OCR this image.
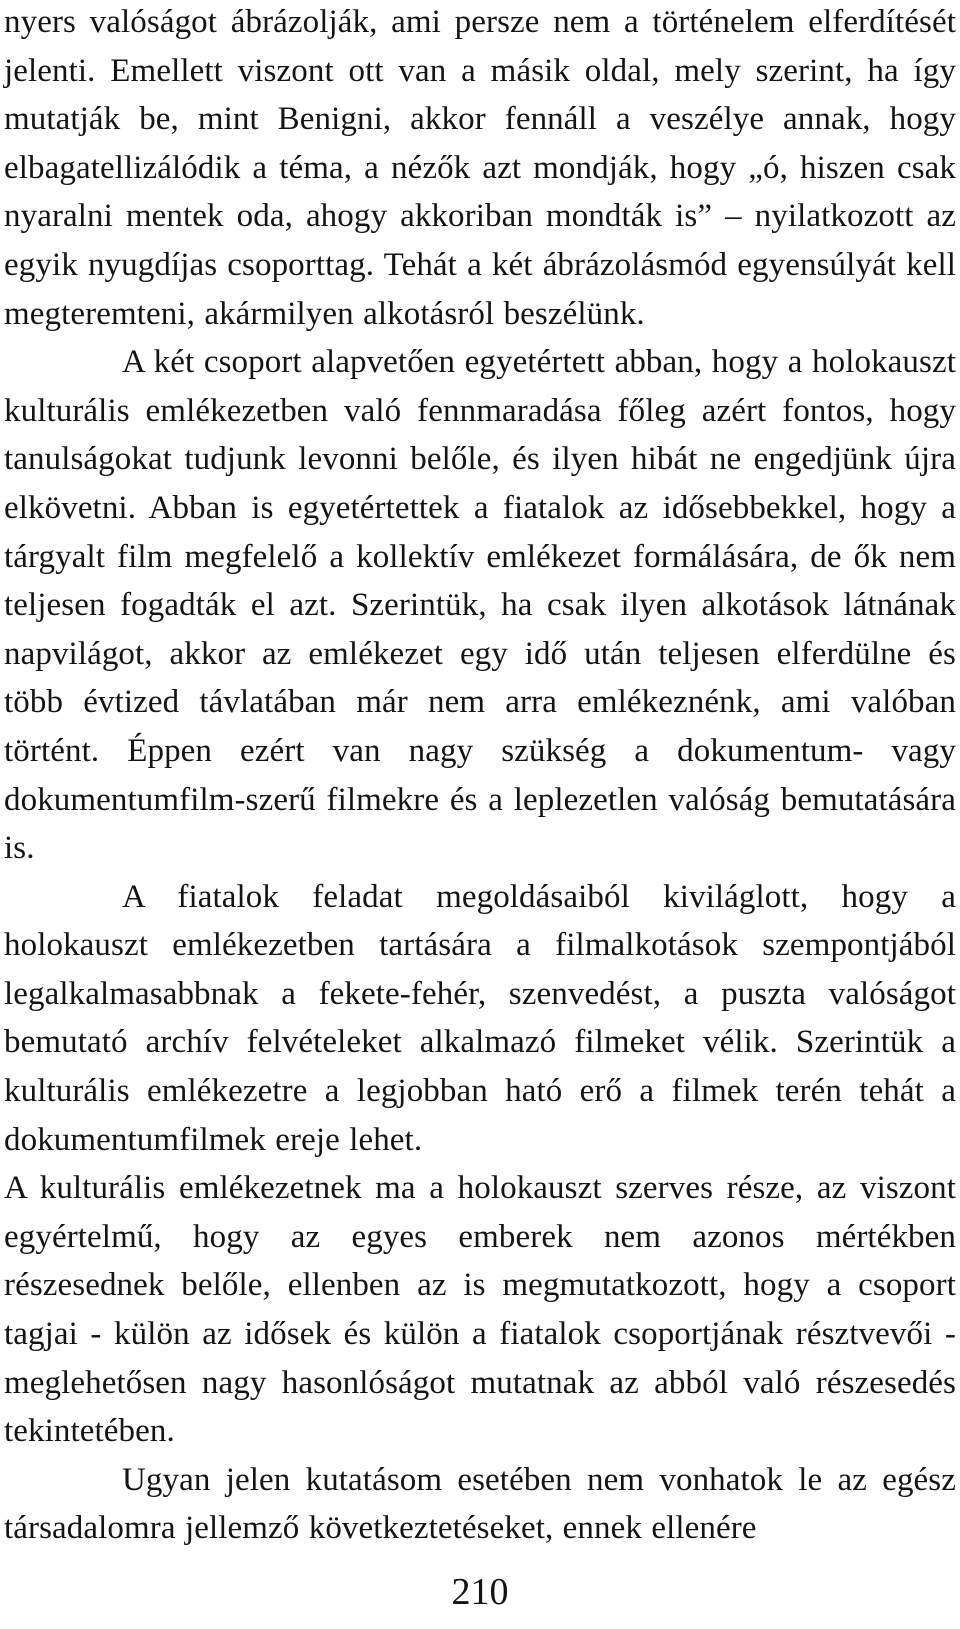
nyers valóságot ábrázolják, ami persze nem a történelem elferdítését jelenti. Emellett viszont ott van a másik oldal, mely szerint, ha így mutatják be, mint Benigni, akkor fennáll a veszélye annak, hogy elbagatellizálódik a téma, a nézők azt mondják, hogy „ó, hiszen csak nyaralni mentek oda, ahogy akkoriban mondták is” – nyilatkozott az egyik nyugdíjas csoporttag. Tehát a két ábrázolásmód egyensúlyát kell megteremteni, akármilyen alkotásról beszélünk.

A két csoport alapvetően egyetértett abban, hogy a holokauszt kulturális emlékezetben való fennmaradása főleg azért fontos, hogy tanulságokat tudjunk levonni belőle, és ilyen hibát ne engedjünk újra elkövetni. Abban is egyetértettek a fiatalok az idősebbekkel, hogy a tárgyalt film megfelelő a kollektív emlékezet formálására, de ők nem teljesen fogadták el azt. Szerintük, ha csak ilyen alkotások látnának napvilágot, akkor az emlékezet egy idő után teljesen elferdülne és több évtized távlatában már nem arra emlékeznénk, ami valóban történt. Éppen ezért van nagy szükség a dokumentum- vagy dokumentumfilm-szerű filmekre és a leplezetlen valóság bemutatására is.

A fiatalok feladat megoldásaiból kiviláglott, hogy a holokauszt emlékezetben tartására a filmalkotások szempontjából legalkalmasabbnak a fekete-fehér, szenvedést, a puszta valóságot bemutató archív felvételeket alkalmazó filmeket vélik. Szerintük a kulturális emlékezetre a legjobban ható erő a filmek terén tehát a dokumentumfilmek ereje lehet.

A kulturális emlékezetnek ma a holokauszt szerves része, az viszont egyértelmű, hogy az egyes emberek nem azonos mértékben részesednek belőle, ellenben az is megmutatkozott, hogy a csoport tagjai - külön az idősek és külön a fiatalok csoportjának résztvevői - meglehetősen nagy hasonlóságot mutatnak az abból való részesedés tekintetében.

Ugyan jelen kutatásom esetében nem vonhatok le az egész társadalomra jellemző következtetéseket, ennek ellenére

210
